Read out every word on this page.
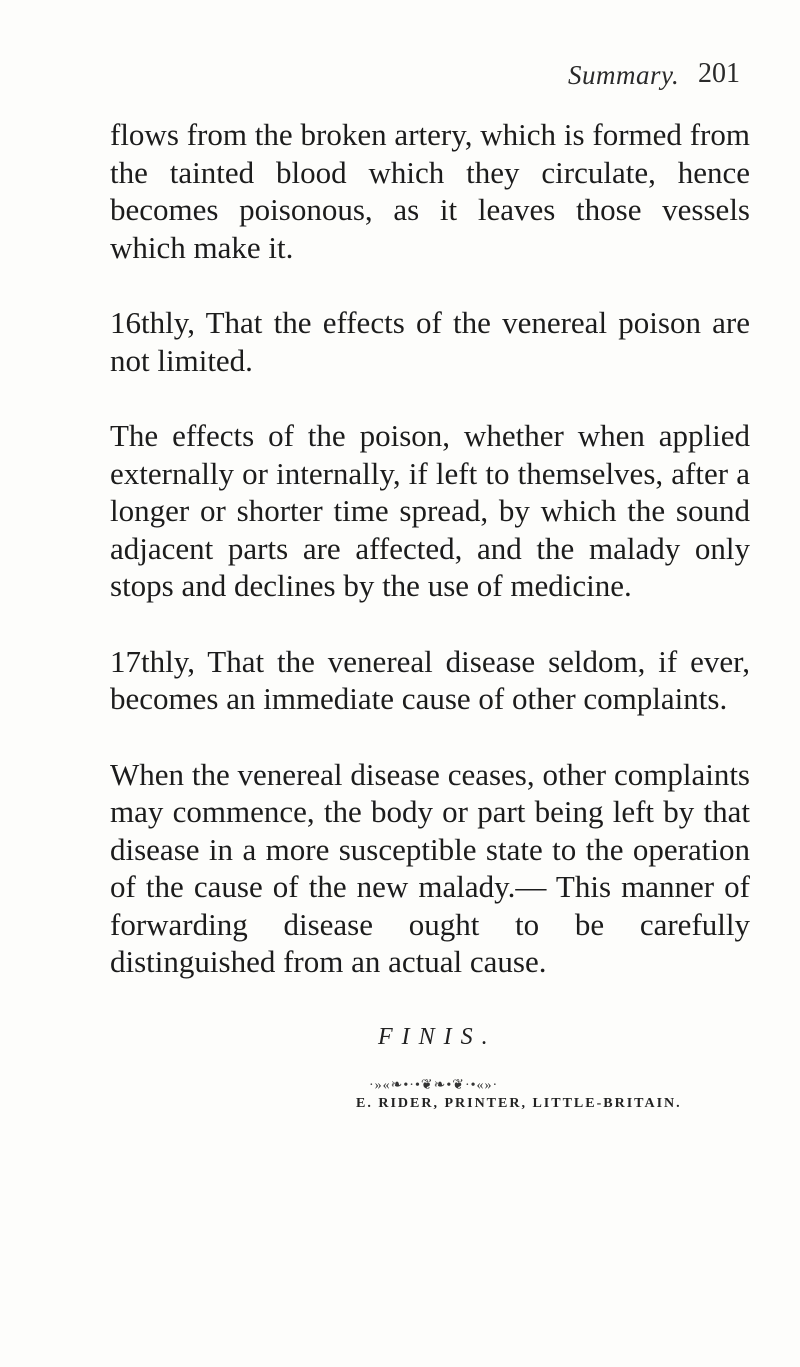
Summary. 201

flows from the broken artery, which is formed from the tainted blood which they circulate, hence becomes poisonous, as it leaves those vessels which make it.

16thly, That the effects of the venereal poison are not limited.

The effects of the poison, whether when applied externally or internally, if left to themselves, after a longer or shorter time spread, by which the sound adjacent parts are affected, and the malady only stops and declines by the use of medicine.

17thly, That the venereal disease seldom, if ever, becomes an immediate cause of other complaints.

When the venereal disease ceases, other complaints may commence, the body or part being left by that disease in a more susceptible state to the operation of the cause of the new malady.— This manner of forwarding disease ought to be carefully distinguished from an actual cause.

FINIS.
·»«❧•·•❦❧•❦·•«»·
E. RIDER, PRINTER, LITTLE-BRITAIN.
